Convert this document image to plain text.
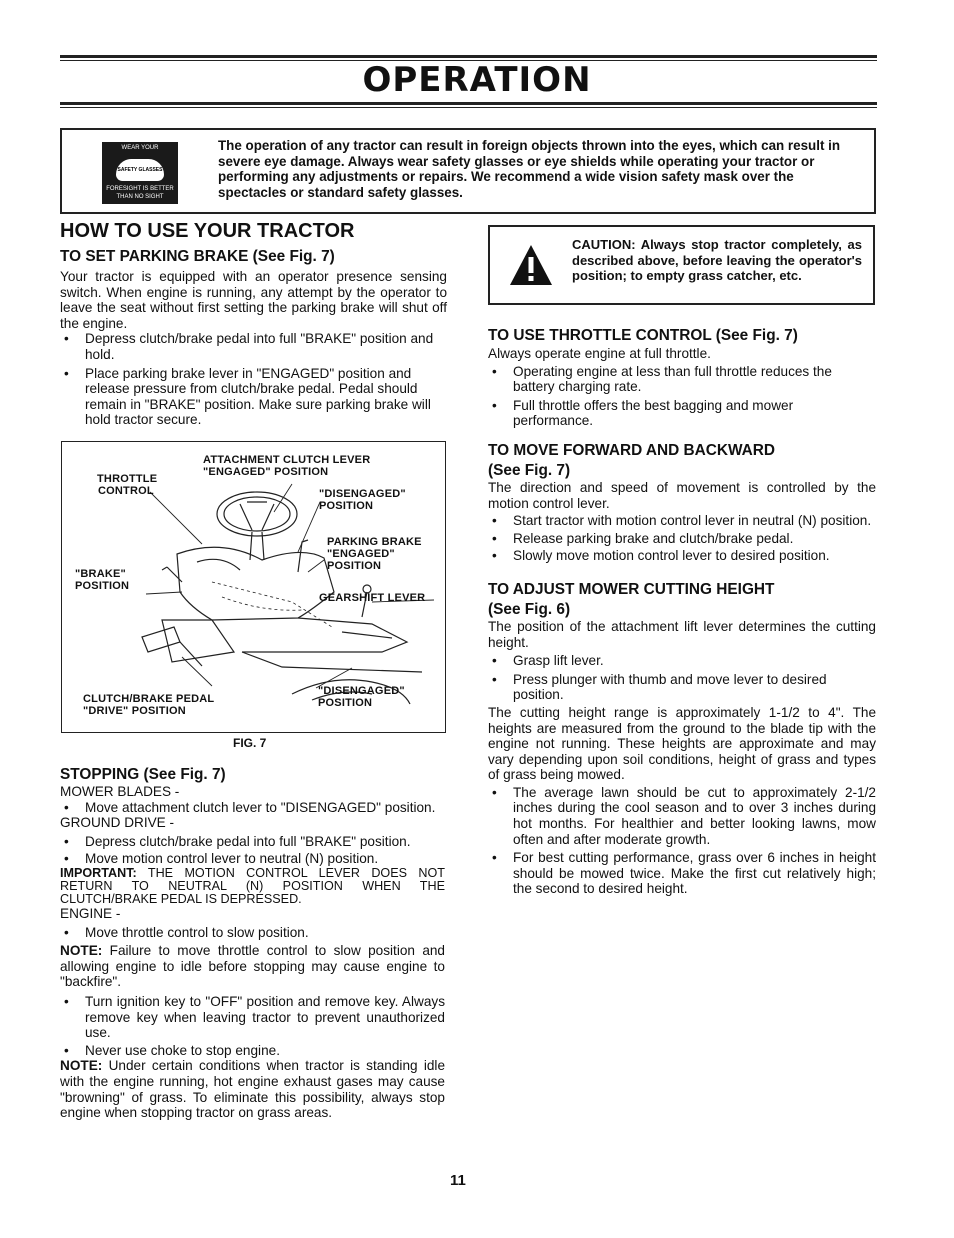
OPERATION
WEAR YOUR
SAFETY GLASSES
FORESIGHT IS BETTER
THAN NO SIGHT

The operation of any tractor can result in foreign objects thrown into the eyes, which can result in severe eye damage. Always wear safety glasses or eye shields while operating your tractor or performing any adjustments or repairs. We recommend a wide vision safety mask over the spectacles or standard safety glasses.

HOW TO USE YOUR TRACTOR
TO SET PARKING BRAKE (See Fig. 7)

Your tractor is equipped with an operator presence sensing switch. When engine is running, any attempt by the operator to leave the seat without first setting the parking brake will shut off the engine.

• Depress clutch/brake pedal into full "BRAKE" position and hold.
• Place parking brake lever in "ENGAGED" position and release pressure from clutch/brake pedal. Pedal should remain in "BRAKE" position. Make sure parking brake will hold tractor secure.
ATTACHMENT CLUTCH LEVER
"ENGAGED" POSITION
THROTTLE
CONTROL	"DISENGAGED"
POSITION
PARKING BRAKE
"ENGAGED"
POSITION
"BRAKE"
POSITION
GEARSHIFT LEVER
CLUTCH/BRAKE PEDAL
"DRIVE" POSITION
"DISENGAGED"
POSITION
FIG. 7
STOPPING (See Fig. 7)

MOWER BLADES -

• Move attachment clutch lever to "DISENGAGED" position.

GROUND DRIVE -

• Depress clutch/brake pedal into full "BRAKE" position.
• Move motion control lever to neutral (N) position.

IMPORTANT: THE MOTION CONTROL LEVER DOES NOT RETURN TO NEUTRAL (N) POSITION WHEN THE CLUTCH/BRAKE PEDAL IS DEPRESSED.

ENGINE -

• Move throttle control to slow position.

NOTE: Failure to move throttle control to slow position and allowing engine to idle before stopping may cause engine to "backfire".

• Turn ignition key to "OFF" position and remove key. Always remove key when leaving tractor to prevent unauthorized use.
• Never use choke to stop engine.

NOTE: Under certain conditions when tractor is standing idle with the engine running, hot engine exhaust gases may cause "browning" of grass. To eliminate this possibility, always stop engine when stopping tractor on grass areas.

CAUTION: Always stop tractor completely, as described above, before leaving the operator's position; to empty grass catcher, etc.

TO USE THROTTLE CONTROL (See Fig. 7)

Always operate engine at full throttle.

• Operating engine at less than full throttle reduces the battery charging rate.
• Full throttle offers the best bagging and mower performance.
TO MOVE FORWARD AND BACKWARD
(See Fig. 7)

The direction and speed of movement is controlled by the motion control lever.

• Start tractor with motion control lever in neutral (N) position.
• Release parking brake and clutch/brake pedal.
• Slowly move motion control lever to desired position.
TO ADJUST MOWER CUTTING HEIGHT
(See Fig. 6)

The position of the attachment lift lever determines the cutting height.

• Grasp lift lever.
• Press plunger with thumb and move lever to desired position.

The cutting height range is approximately 1-1/2 to 4". The heights are measured from the ground to the blade tip with the engine not running. These heights are approximate and may vary depending upon soil conditions, height of grass and types of grass being mowed.

• The average lawn should be cut to approximately 2-1/2 inches during the cool season and to over 3 inches during hot months. For healthier and better looking lawns, mow often and after moderate growth.
• For best cutting performance, grass over 6 inches in height should be mowed twice. Make the first cut relatively high; the second to desired height.
11
